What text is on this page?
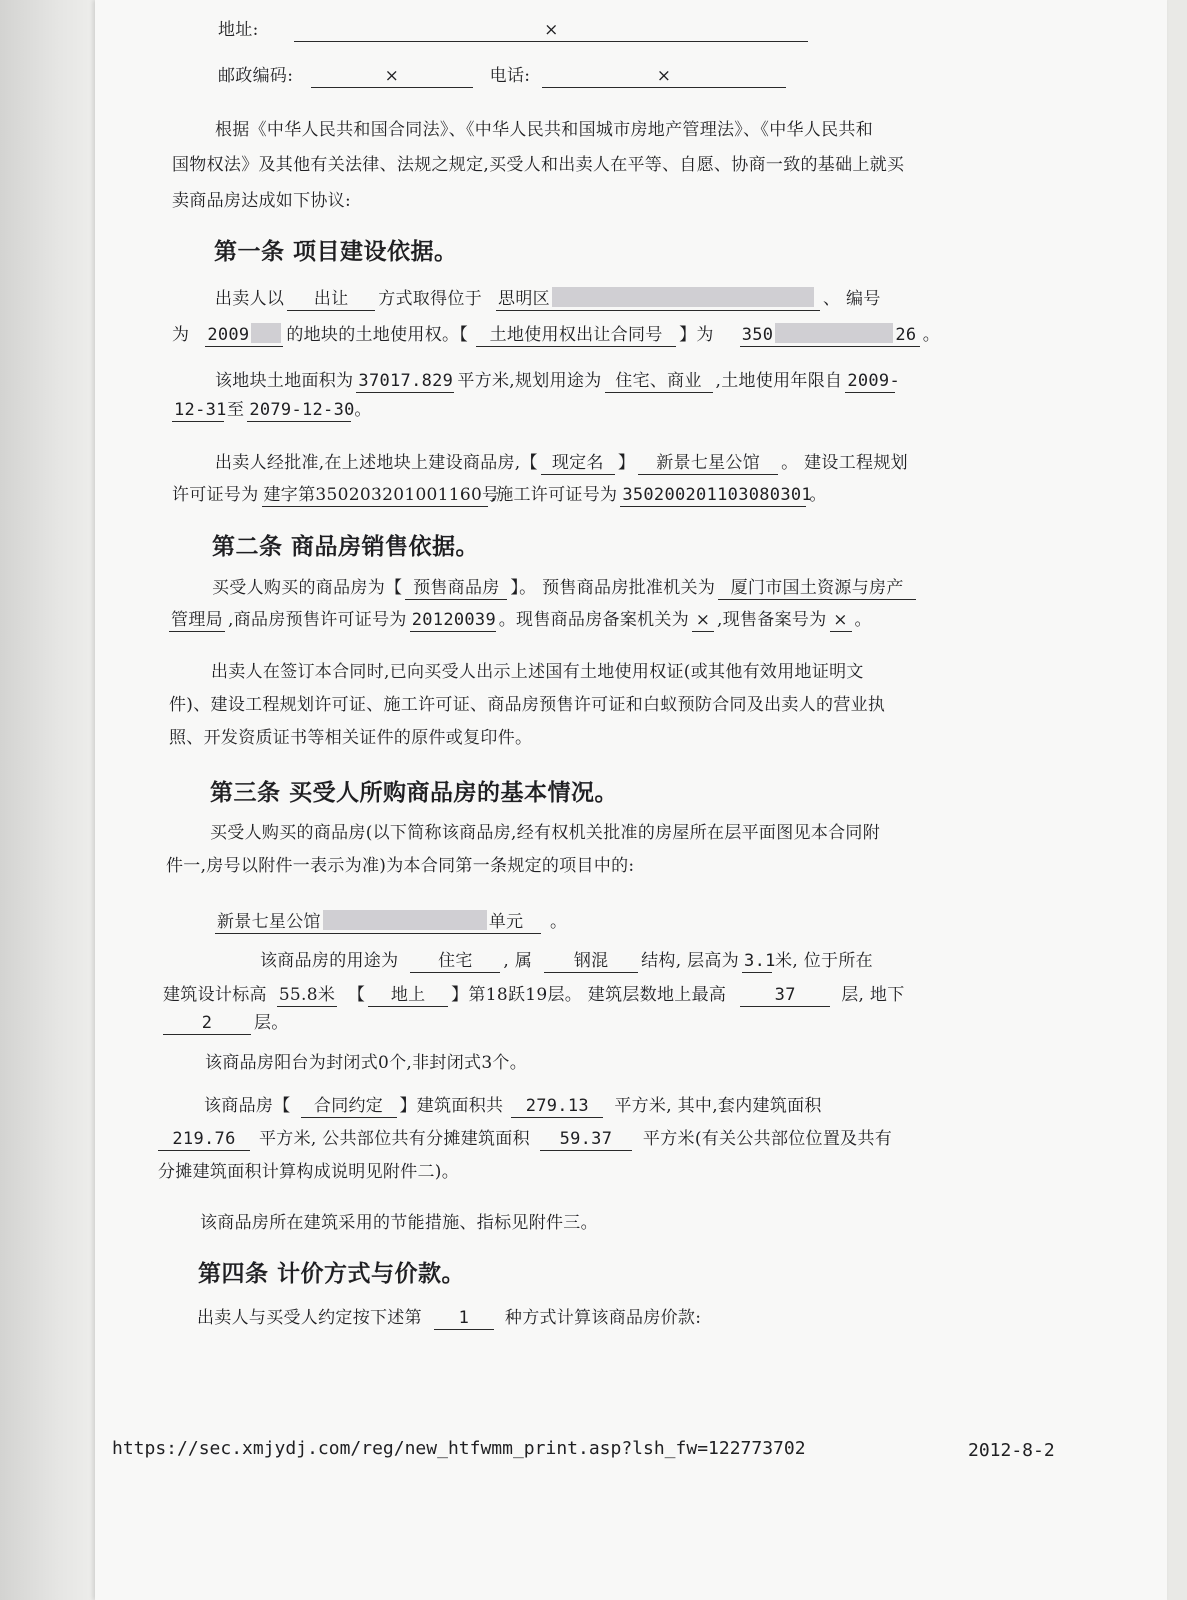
地址:	×
邮政编码:	×	电话:	×
根据《中华人民共和国合同法》、《中华人民共和国城市房地产管理法》、《中华人民共和
国物权法》及其他有关法律、法规之规定,买受人和出卖人在平等、自愿、协商一致的基础上就买
卖商品房达成如下协议:
第一条 项目建设依据。
出卖人以 出让 方式取得位于 思明区	、 编号
为 2009 的地块的土地使用权。【 土地使用权出让合同号 】为 350	26 。
该地块土地面积为 37017.829 平方米,规划用途为 住宅、商业 ,土地使用年限自 2009-
12-31至 2079-12-30。
出卖人经批准,在上述地块上建设商品房,【 现定名 】 新景七星公馆 。 建设工程规划
许可证号为 建字第350203201001160号,施工许可证号为 350200201103080301。
第二条 商品房销售依据。
买受人购买的商品房为【 预售商品房 】。 预售商品房批准机关为 厦门市国土资源与房产
管理局 ,商品房预售许可证号为 20120039 。现售商品房备案机关为 × ,现售备案号为 × 。
出卖人在签订本合同时,已向买受人出示上述国有土地使用权证(或其他有效用地证明文
件)、建设工程规划许可证、施工许可证、商品房预售许可证和白蚁预防合同及出卖人的营业执
照、开发资质证书等相关证件的原件或复印件。
第三条 买受人所购商品房的基本情况。
买受人购买的商品房(以下简称该商品房,经有权机关批准的房屋所在层平面图见本合同附
件一,房号以附件一表示为准)为本合同第一条规定的项目中的:
新景七星公馆	单元 。
该商品房的用途为 住宅 , 属 钢混 结构, 层高为 3.1米, 位于所在
建筑设计标高 55.8米 【 地上 】第18跃19层。 建筑层数地上最高	37	层, 地下
2 层。
该商品房阳台为封闭式0个,非封闭式3个。
该商品房【 合同约定 】建筑面积共 279.13 平方米, 其中,套内建筑面积
219.76 平方米, 公共部位共有分摊建筑面积 59.37 平方米(有关公共部位位置及共有
分摊建筑面积计算构成说明见附件二)。
该商品房所在建筑采用的节能措施、指标见附件三。
第四条 计价方式与价款。
出卖人与买受人约定按下述第 1 种方式计算该商品房价款:
https://sec.xmjydj.com/reg/new_htfwmm_print.asp?lsh_fw=122773702	2012-8-2
